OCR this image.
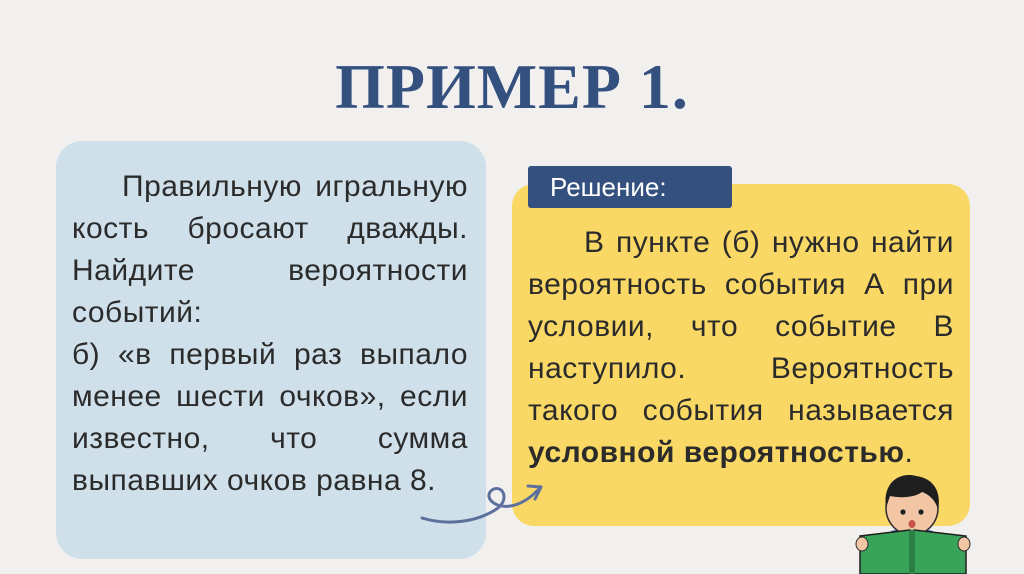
ПРИМЕР 1.

Правильную игральную кость бросают дважды. Найдите вероятности событий:

б) «в первый раз выпало менее шести очков», если известно, что сумма выпавших очков равна 8.

Решение:
В пункте (б) нужно найти вероятность события А при условии, что событие В наступило. Вероятность такого события называется условной вероятностью.
